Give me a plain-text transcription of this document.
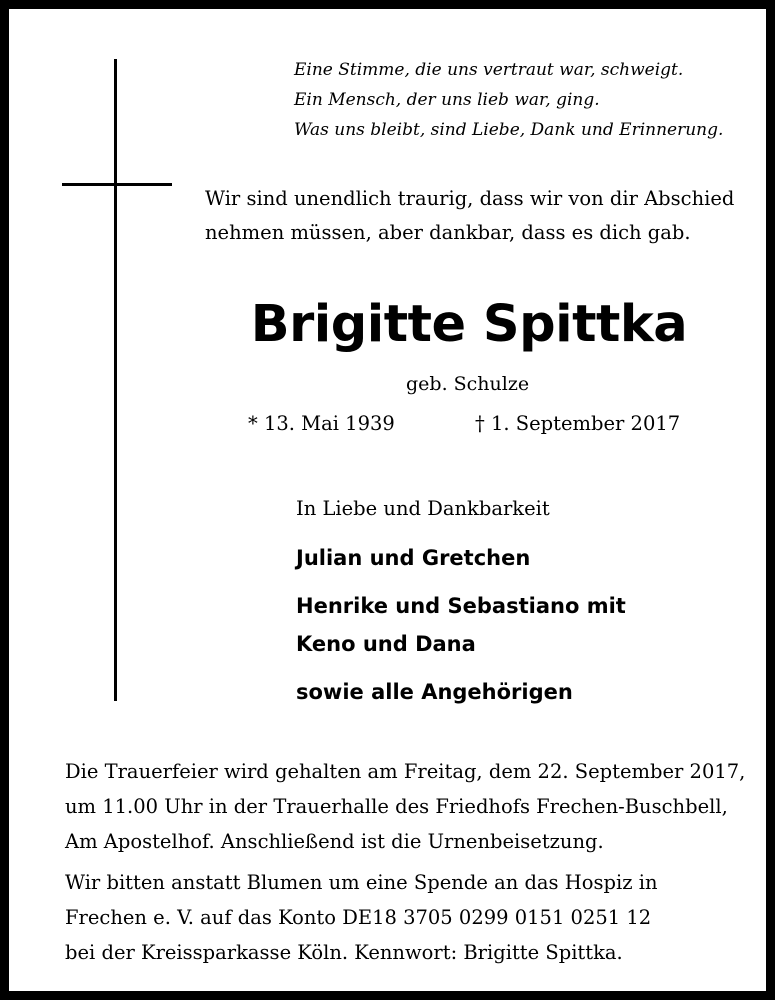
Eine Stimme, die uns vertraut war, schweigt.
Ein Mensch, der uns lieb war, ging.
Was uns bleibt, sind Liebe, Dank und Erinnerung.
Wir sind unendlich traurig, dass wir von dir Abschied
nehmen müssen, aber dankbar, dass es dich gab.
Brigitte Spittka
geb. Schulze
* 13. Mai 1939	† 1. September 2017
In Liebe und Dankbarkeit
Julian und Gretchen
Henrike und Sebastiano mit
Keno und Dana
sowie alle Angehörigen
Die Trauerfeier wird gehalten am Freitag, dem 22. September 2017,
um 11.00 Uhr in der Trauerhalle des Friedhofs Frechen-Buschbell,
Am Apostelhof. Anschließend ist die Urnenbeisetzung.
Wir bitten anstatt Blumen um eine Spende an das Hospiz in
Frechen e. V. auf das Konto DE18 3705 0299 0151 0251 12
bei der Kreissparkasse Köln. Kennwort: Brigitte Spittka.
